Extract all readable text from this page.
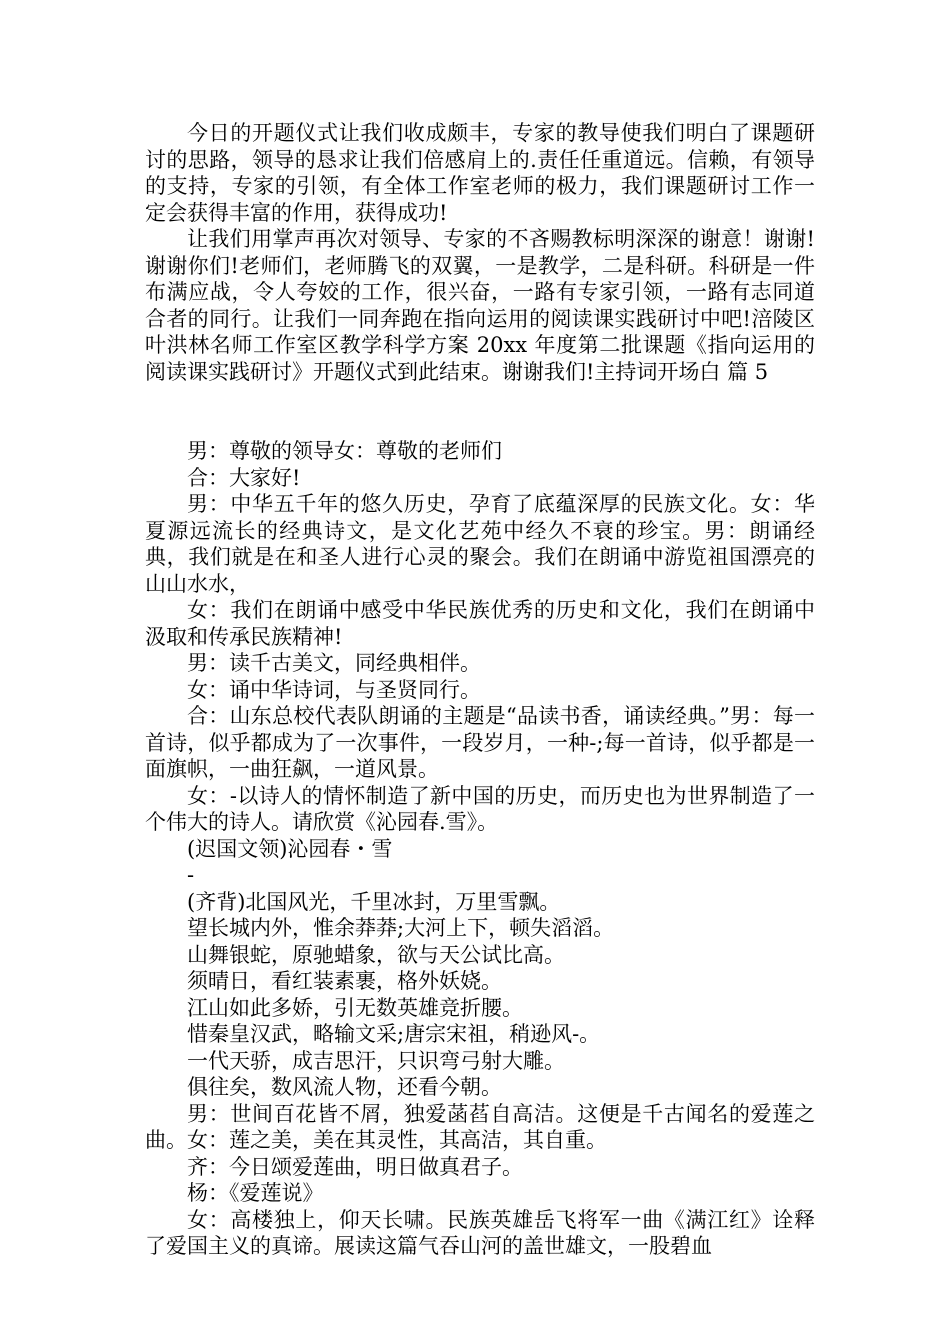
今日的开题仪式让我们收成颇丰，专家的教导使我们明白了课题研讨的思路，领导的恳求让我们倍感肩上的.责任任重道远。信赖，有领导的支持，专家的引领，有全体工作室老师的极力，我们课题研讨工作一定会获得丰富的作用，获得成功!

让我们用掌声再次对领导、专家的不吝赐教标明深深的谢意！谢谢!谢谢你们!老师们，老师腾飞的双翼，一是教学，二是科研。科研是一件布满应战，令人夸姣的工作，很兴奋，一路有专家引领，一路有志同道合者的同行。让我们一同奔跑在指向运用的阅读课实践研讨中吧!涪陵区叶洪林名师工作室区教学科学方案 20xx 年度第二批课题《指向运用的阅读课实践研讨》开题仪式到此结束。谢谢我们!主持词开场白 篇 5

男：尊敬的领导女：尊敬的老师们

合：大家好!

男：中华五千年的悠久历史，孕育了底蕴深厚的民族文化。女：华夏源远流长的经典诗文，是文化艺苑中经久不衰的珍宝。男：朗诵经典，我们就是在和圣人进行心灵的聚会。我们在朗诵中游览祖国漂亮的山山水水，

女：我们在朗诵中感受中华民族优秀的历史和文化，我们在朗诵中汲取和传承民族精神!

男：读千古美文，同经典相伴。

女：诵中华诗词，与圣贤同行。

合：山东总校代表队朗诵的主题是“品读书香，诵读经典。”男：每一首诗，似乎都成为了一次事件，一段岁月，一种-;每一首诗，似乎都是一面旗帜，一曲狂飙，一道风景。

女：-以诗人的情怀制造了新中国的历史，而历史也为世界制造了一个伟大的诗人。请欣赏《沁园春.雪》。

(迟国文领)沁园春・雪

-

(齐背)北国风光，千里冰封，万里雪飘。

望长城内外，惟余莽莽;大河上下，顿失滔滔。

山舞银蛇，原驰蜡象，欲与天公试比高。

须晴日，看红装素裹，格外妖娆。

江山如此多娇，引无数英雄竞折腰。

惜秦皇汉武，略输文采;唐宗宋祖，稍逊风-。

一代天骄，成吉思汗，只识弯弓射大雕。

俱往矣，数风流人物，还看今朝。

男：世间百花皆不屑，独爱菡萏自高洁。这便是千古闻名的爱莲之曲。女：莲之美，美在其灵性，其高洁，其自重。

齐：今日颂爱莲曲，明日做真君子。

杨：《爱莲说》

女：高楼独上，仰天长啸。民族英雄岳飞将军一曲《满江红》诠释了爱国主义的真谛。展读这篇气吞山河的盖世雄文，一股碧血
